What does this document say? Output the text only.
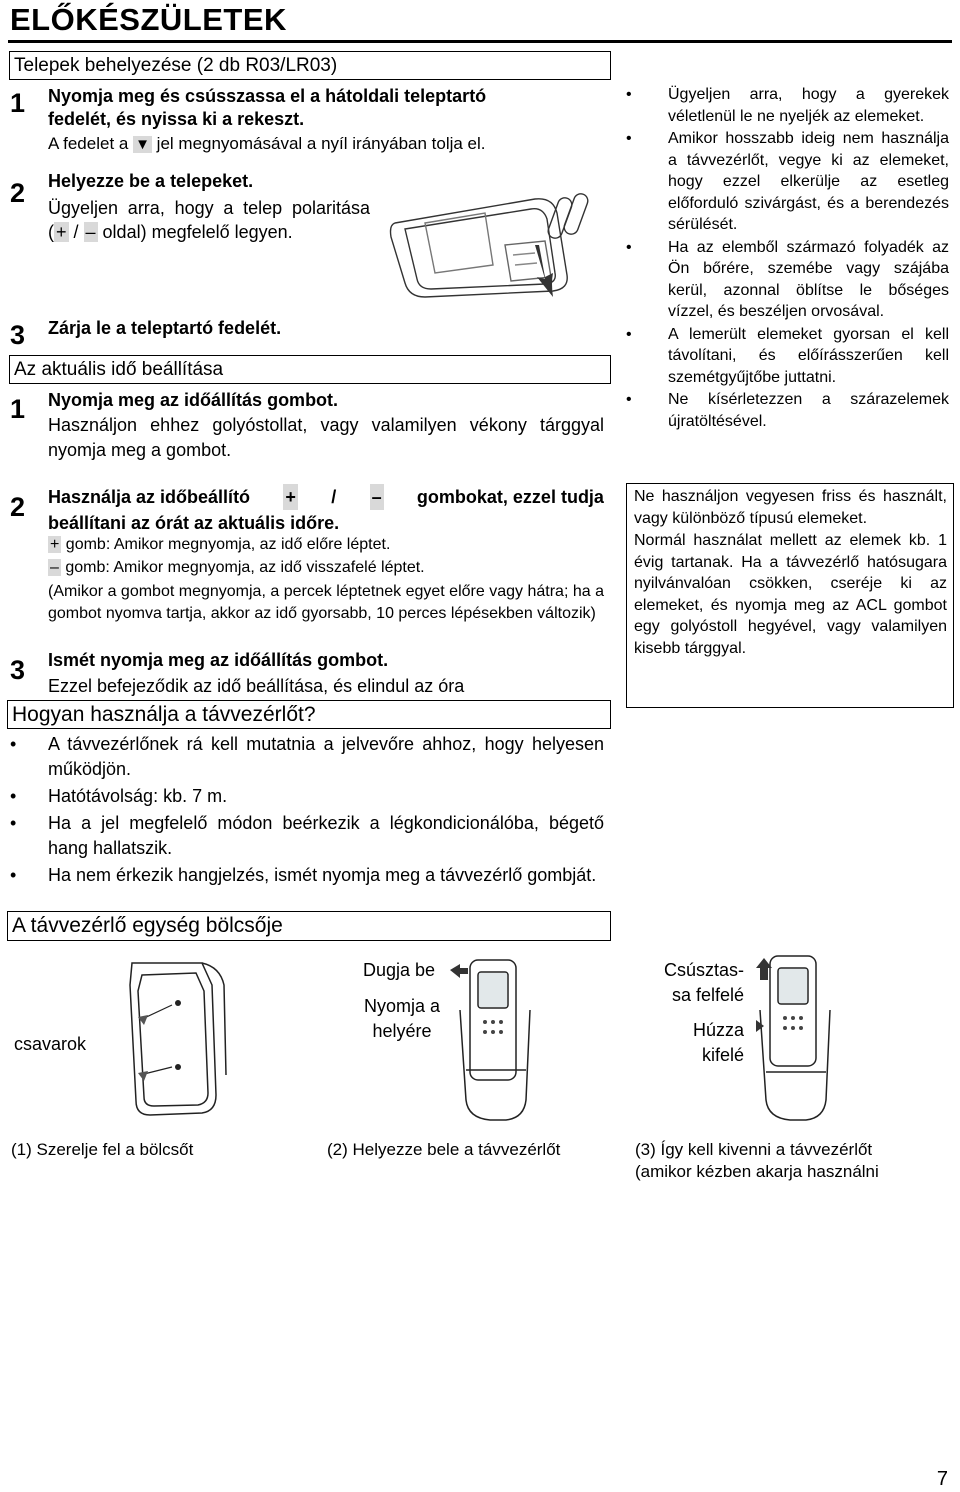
ELŐKÉSZÜLETEK
Telepek behelyezése (2 db R03/LR03)
1	Nyomja meg és csússzassa el a hátoldali teleptartó
fedelét, és nyissa ki a rekeszt.
A fedelet a ▼ jel megnyomásával a nyíl irányában tolja el.
2	Helyezze be a telepeket.
Ügyeljen arra, hogy a telep polaritása ( + / – oldal) megfelelő legyen.
3	Zárja le a teleptartó fedelét.
Az aktuális idő beállítása
1	Nyomja meg az időállítás gombot.
Használjon ehhez golyóstollat, vagy valamilyen vékony tárggyal nyomja meg a gombot.
2	Használja az időbeállító + / – gombokat, ezzel tudja
beállítani az órát az aktuális időre.
+ gomb: Amikor megnyomja, az idő előre léptet.
– gomb: Amikor megnyomja, az idő visszafelé léptet.
(Amikor a gombot megnyomja, a percek léptetnek egyet előre vagy hátra; ha a gombot nyomva tartja, akkor az idő gyorsabb, 10 perces lépésekben változik)
3	Ismét nyomja meg az időállítás gombot.
Ezzel befejeződik az idő beállítása, és elindul az óra
Hogyan használja a távvezérlőt?
• A távvezérlőnek rá kell mutatnia a jelvevőre ahhoz, hogy helyesen működjön.
• Hatótávolság: kb. 7 m.
• Ha a jel megfelelő módon beérkezik a légkondicionálóba, bégető hang hallatszik.
• Ha nem érkezik hangjelzés, ismét nyomja meg a távvezérlő gombját.
A távvezérlő egység bölcsője
csavarok
Dugja be
Nyomja a
helyére
Csúsztas-
sa felfelé
Húzza
kifelé
(1) Szerelje fel a bölcsőt	(2) Helyezze bele a távvezérlőt	(3) Így kell kivenni a távvezérlőt
(amikor kézben akarja használni
• Ügyeljen arra, hogy a gyerekek véletlenül le ne nyeljék az elemeket.
• Amikor hosszabb ideig nem használja a távvezérlőt, vegye ki az elemeket, hogy ezzel elkerülje az esetleg előforduló szivárgást, és a berendezés sérülését.
• Ha az elemből származó folyadék az Ön bőrére, szemébe vagy szájába kerül, azonnal öblítse le bőséges vízzel, és beszéljen orvosával.
• A lemerült elemeket gyorsan el kell távolítani, és előírásszerűen kell szemétgyűjtőbe juttatni.
• Ne kísérletezzen a szárazelemek újratöltésével.

Ne használjon vegyesen friss és használt, vagy különböző típusú elemeket.

Normál használat mellett az elemek kb. 1 évig tartanak. Ha a távvezérlő hatósugara nyilvánvalóan csökken, cseréje ki az elemeket, és nyomja meg az ACL gombot egy golyóstoll hegyével, vagy valamilyen kisebb tárggyal.

7
